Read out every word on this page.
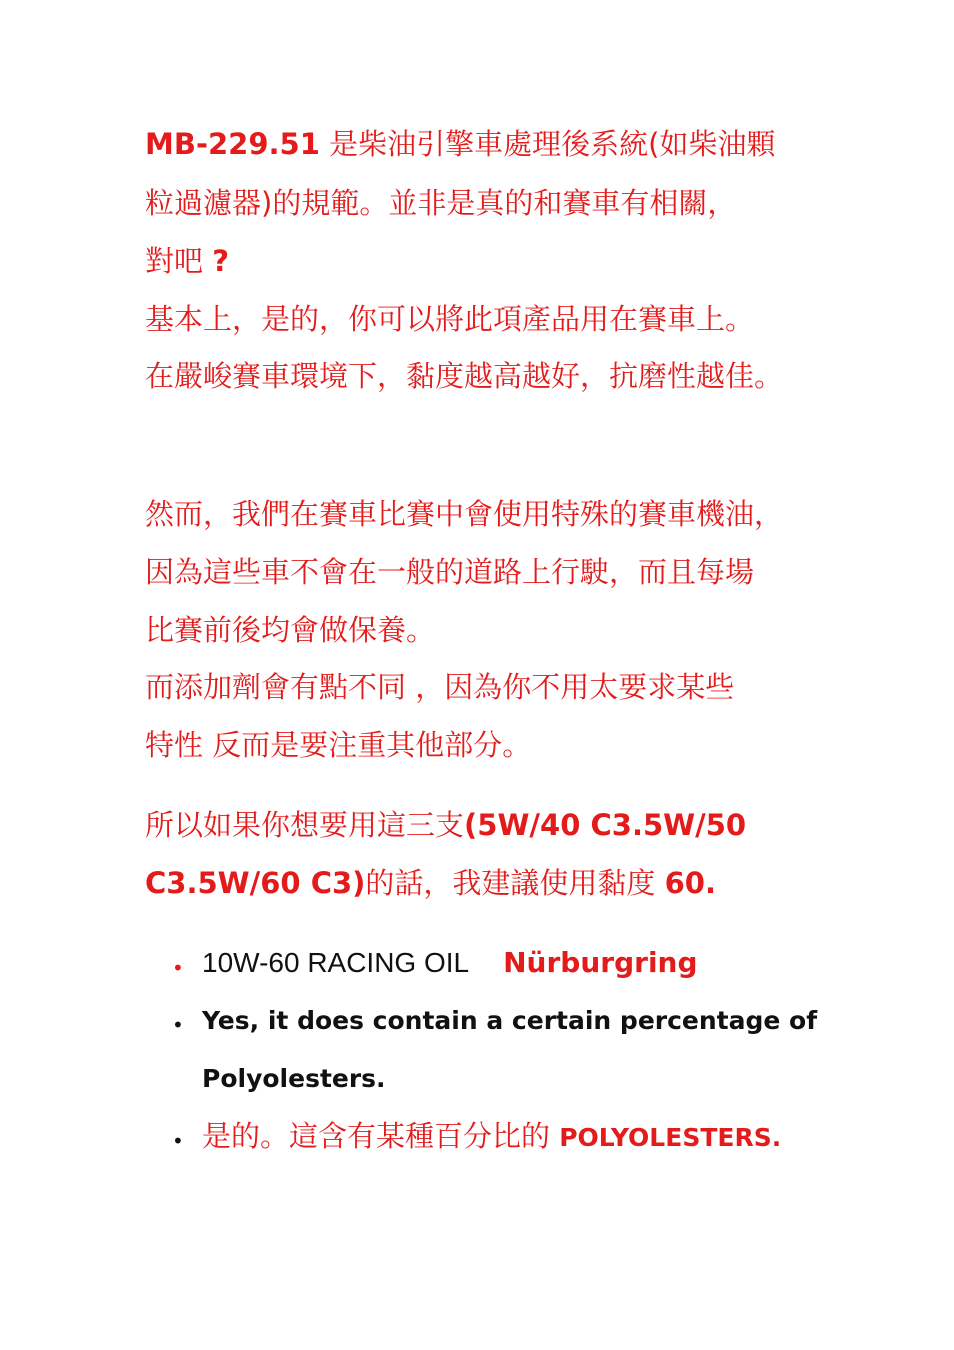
MB-229.51 是柴油引擎車處理後系統(如柴油顆
粒過濾器)的規範。並非是真的和賽車有相關，
對吧 ?
基本上，是的，你可以將此項產品用在賽車上。
在嚴峻賽車環境下，黏度越高越好，抗磨性越佳。
然而，我們在賽車比賽中會使用特殊的賽車機油，
因為這些車不會在一般的道路上行駛，而且每場
比賽前後均會做保養。
而添加劑會有點不同 ，因為你不用太要求某些
特性 反而是要注重其他部分。
所以如果你想要用這三支(5W/40 C3.5W/50
C3.5W/60 C3)的話，我建議使用黏度 60.
• 10W-60 RACING OIL Nürburgring
• Yes, it does contain a certain percentage of
Polyolesters.
• 是的。這含有某種百分比的 POLYOLESTERS.
